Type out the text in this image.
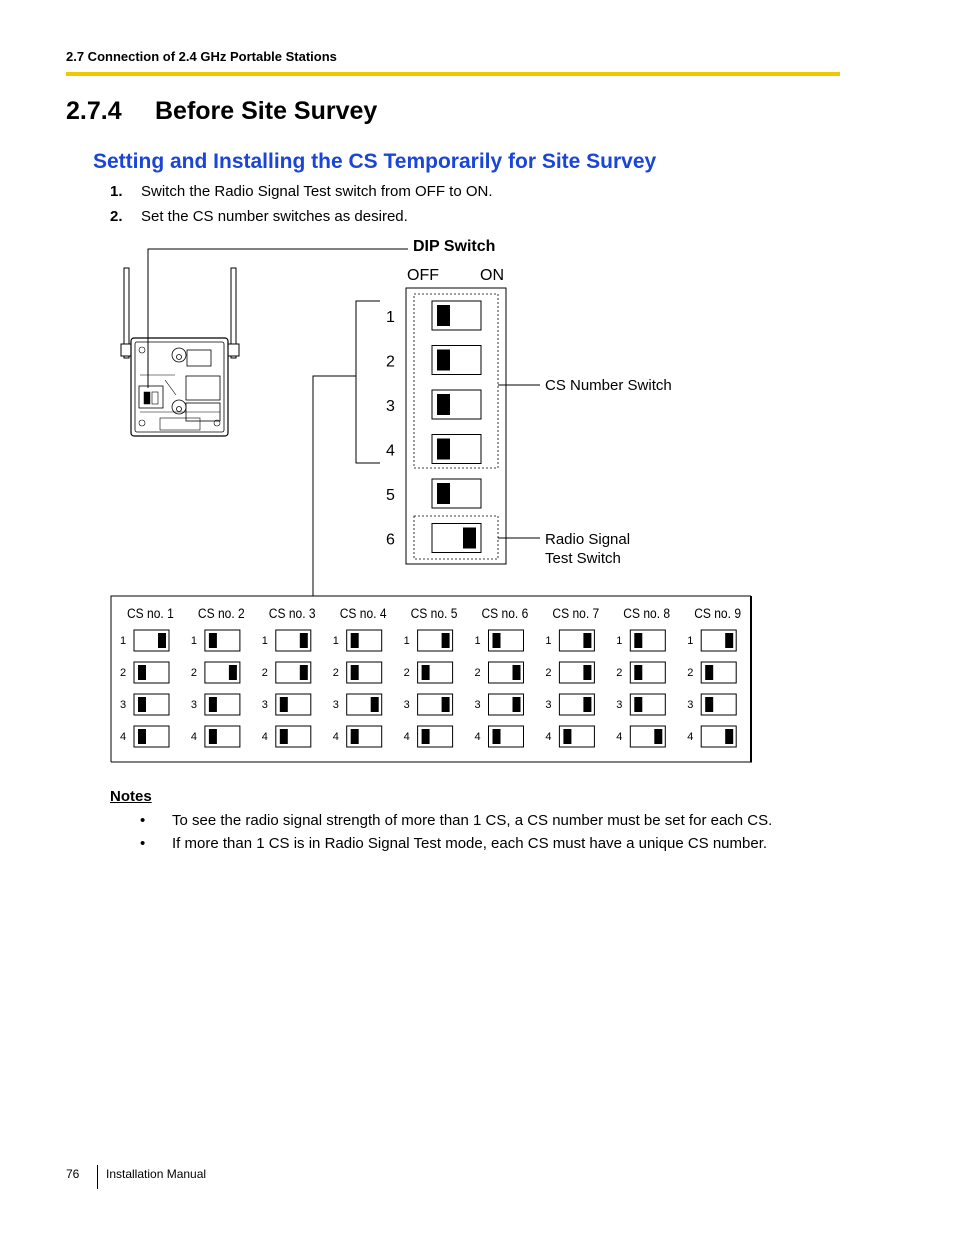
2.7 Connection of 2.4 GHz Portable Stations
2.7.4 Before Site Survey
Setting and Installing the CS Temporarily for Site Survey
1. Switch the Radio Signal Test switch from OFF to ON.
2. Set the CS number switches as desired.
DIP Switch
OFF	ON
1
2
3
4
5
6
CS Number Switch
Radio Signal
Test Switch
CS no. 1
1
2
3
4
CS no. 2
1
2
3
4
CS no. 3
1
2
3
4
CS no. 4
1
2
3
4
CS no. 5
1
2
3
4
CS no. 6
1
2
3
4
CS no. 7
1
2
3
4
CS no. 8
1
2
3
4
CS no. 9
1
2
3
4
Notes
• To see the radio signal strength of more than 1 CS, a CS number must be set for each CS.
• If more than 1 CS is in Radio Signal Test mode, each CS must have a unique CS number.
76 Installation Manual
